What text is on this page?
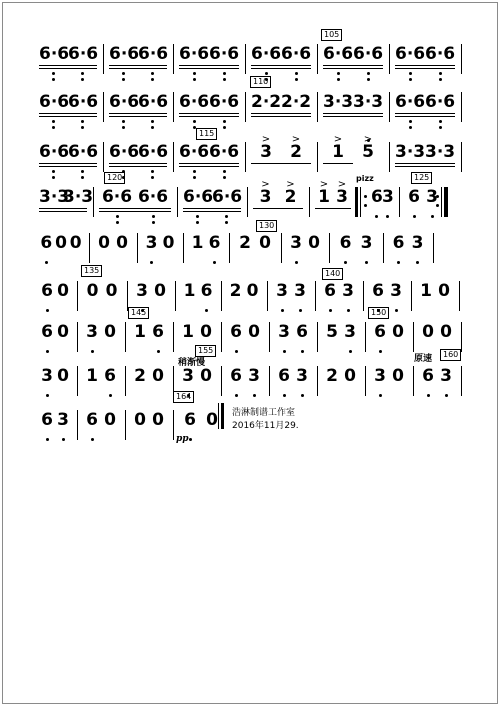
6·6
6·6 6·6
6·6 6·6 6·6 6·6 6·6 6·6 6·6 6·6 6·6
6·6
6·6 6·6
6·6 6·6 6·6 2·2 2·2 3·3 3·3 6·6 6·6
6·6
6·6 6·6
6·6 6·6 6·6	3
>
2
>
1
>
5
>
3·3 3·3
3·3
3·3 6·6 6·6 6·6
6·6	3
>
2
>
1
>
3
>
6 3 6 3
6 0 0 0 0 3 0 1 6 2 0 3 0 6 3 6 3
6 0 0 0 3 0 1 6 2 0 3 3 6 3 6 3 1 0
6 0 3 0 1 6 1 0 6 0 3 6 5 3 6 0 0 0
3 0 1 6 2 0 3 0 6 3 6 3 2 0 3 0 6 3
6 3 6 0 0 0 6 0
105
110
115
120	125
130
135	140
145	150
155	160
164
pizz
稍渐慢	原速
pp
浩淋制谱工作室
2016年11月29.
